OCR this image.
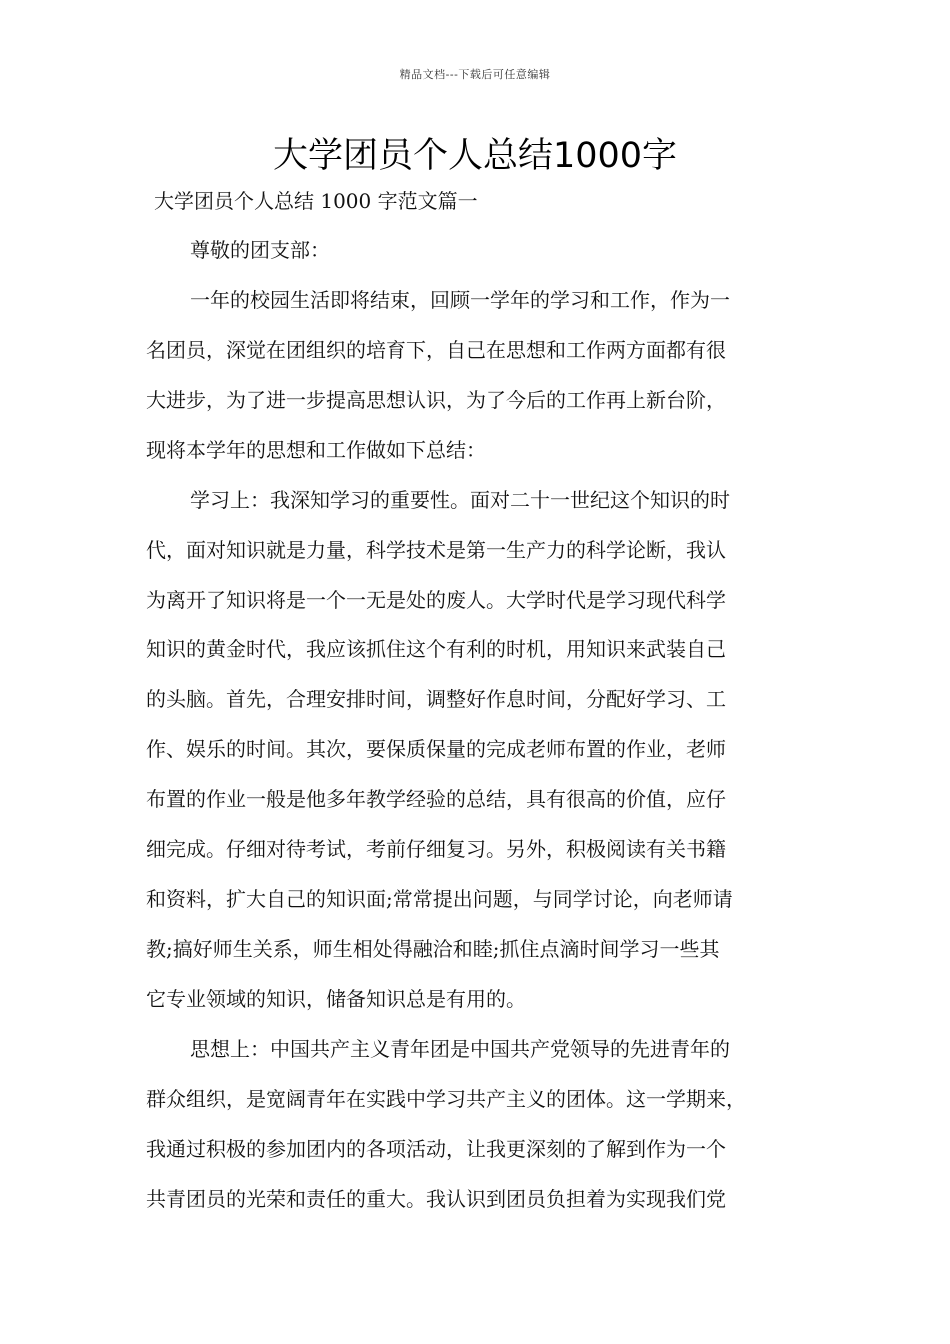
精品文档---下载后可任意编辑
大学团员个人总结1000字
大学团员个人总结 1000 字范文篇一
尊敬的团支部：
一年的校园生活即将结束，回顾一学年的学习和工作，作为一
名团员，深觉在团组织的培育下，自己在思想和工作两方面都有很
大进步，为了进一步提高思想认识，为了今后的工作再上新台阶，
现将本学年的思想和工作做如下总结：
学习上：我深知学习的重要性。面对二十一世纪这个知识的时
代，面对知识就是力量，科学技术是第一生产力的科学论断，我认
为离开了知识将是一个一无是处的废人。大学时代是学习现代科学
知识的黄金时代，我应该抓住这个有利的时机，用知识来武装自己
的头脑。首先，合理安排时间，调整好作息时间，分配好学习、工
作、娱乐的时间。其次，要保质保量的完成老师布置的作业，老师
布置的作业一般是他多年教学经验的总结，具有很高的价值，应仔
细完成。仔细对待考试，考前仔细复习。另外，积极阅读有关书籍
和资料，扩大自己的知识面;常常提出问题，与同学讨论，向老师请
教;搞好师生关系，师生相处得融洽和睦;抓住点滴时间学习一些其
它专业领域的知识，储备知识总是有用的。
思想上：中国共产主义青年团是中国共产党领导的先进青年的
群众组织，是宽阔青年在实践中学习共产主义的团体。这一学期来，
我通过积极的参加团内的各项活动，让我更深刻的了解到作为一个
共青团员的光荣和责任的重大。我认识到团员负担着为实现我们党
